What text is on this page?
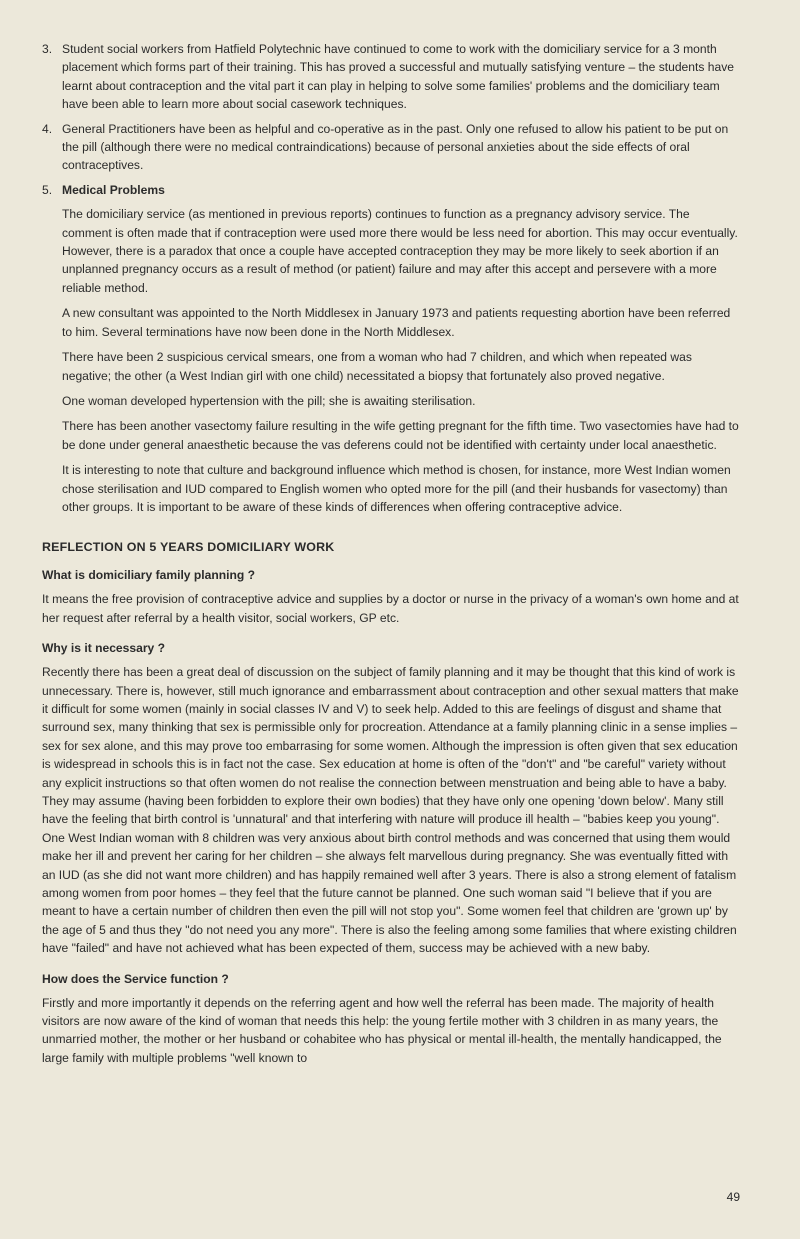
3. Student social workers from Hatfield Polytechnic have continued to come to work with the domiciliary service for a 3 month placement which forms part of their training. This has proved a successful and mutually satisfying venture – the students have learnt about contraception and the vital part it can play in helping to solve some families' problems and the domiciliary team have been able to learn more about social casework techniques.
4. General Practitioners have been as helpful and co-operative as in the past. Only one refused to allow his patient to be put on the pill (although there were no medical contraindications) because of personal anxieties about the side effects of oral contraceptives.
5. Medical Problems

The domiciliary service (as mentioned in previous reports) continues to function as a pregnancy advisory service. The comment is often made that if contraception were used more there would be less need for abortion. This may occur eventually. However, there is a paradox that once a couple have accepted contraception they may be more likely to seek abortion if an unplanned pregnancy occurs as a result of method (or patient) failure and may after this accept and persevere with a more reliable method.

A new consultant was appointed to the North Middlesex in January 1973 and patients requesting abortion have been referred to him. Several terminations have now been done in the North Middlesex.

There have been 2 suspicious cervical smears, one from a woman who had 7 children, and which when repeated was negative; the other (a West Indian girl with one child) necessitated a biopsy that fortunately also proved negative.

One woman developed hypertension with the pill; she is awaiting sterilisation.

There has been another vasectomy failure resulting in the wife getting pregnant for the fifth time. Two vasectomies have had to be done under general anaesthetic because the vas deferens could not be identified with certainty under local anaesthetic.

It is interesting to note that culture and background influence which method is chosen, for instance, more West Indian women chose sterilisation and IUD compared to English women who opted more for the pill (and their husbands for vasectomy) than other groups. It is important to be aware of these kinds of differences when offering contraceptive advice.

REFLECTION ON 5 YEARS DOMICILIARY WORK
What is domiciliary family planning ?
It means the free provision of contraceptive advice and supplies by a doctor or nurse in the privacy of a woman's own home and at her request after referral by a health visitor, social workers, GP etc.
Why is it necessary ?
Recently there has been a great deal of discussion on the subject of family planning and it may be thought that this kind of work is unnecessary. There is, however, still much ignorance and embarrassment about contraception and other sexual matters that make it difficult for some women (mainly in social classes IV and V) to seek help. Added to this are feelings of disgust and shame that surround sex, many thinking that sex is permissible only for procreation. Attendance at a family planning clinic in a sense implies – sex for sex alone, and this may prove too embarrasing for some women. Although the impression is often given that sex education is widespread in schools this is in fact not the case. Sex education at home is often of the "don't" and "be careful" variety without any explicit instructions so that often women do not realise the connection between menstruation and being able to have a baby. They may assume (having been forbidden to explore their own bodies) that they have only one opening 'down below'. Many still have the feeling that birth control is 'unnatural' and that interfering with nature will produce ill health – "babies keep you young". One West Indian woman with 8 children was very anxious about birth control methods and was concerned that using them would make her ill and prevent her caring for her children – she always felt marvellous during pregnancy. She was eventually fitted with an IUD (as she did not want more children) and has happily remained well after 3 years. There is also a strong element of fatalism among women from poor homes – they feel that the future cannot be planned. One such woman said "I believe that if you are meant to have a certain number of children then even the pill will not stop you". Some women feel that children are 'grown up' by the age of 5 and thus they "do not need you any more". There is also the feeling among some families that where existing children have "failed" and have not achieved what has been expected of them, success may be achieved with a new baby.
How does the Service function ?
Firstly and more importantly it depends on the referring agent and how well the referral has been made. The majority of health visitors are now aware of the kind of woman that needs this help: the young fertile mother with 3 children in as many years, the unmarried mother, the mother or her husband or cohabitee who has physical or mental ill-health, the mentally handicapped, the large family with multiple problems "well known to
49
